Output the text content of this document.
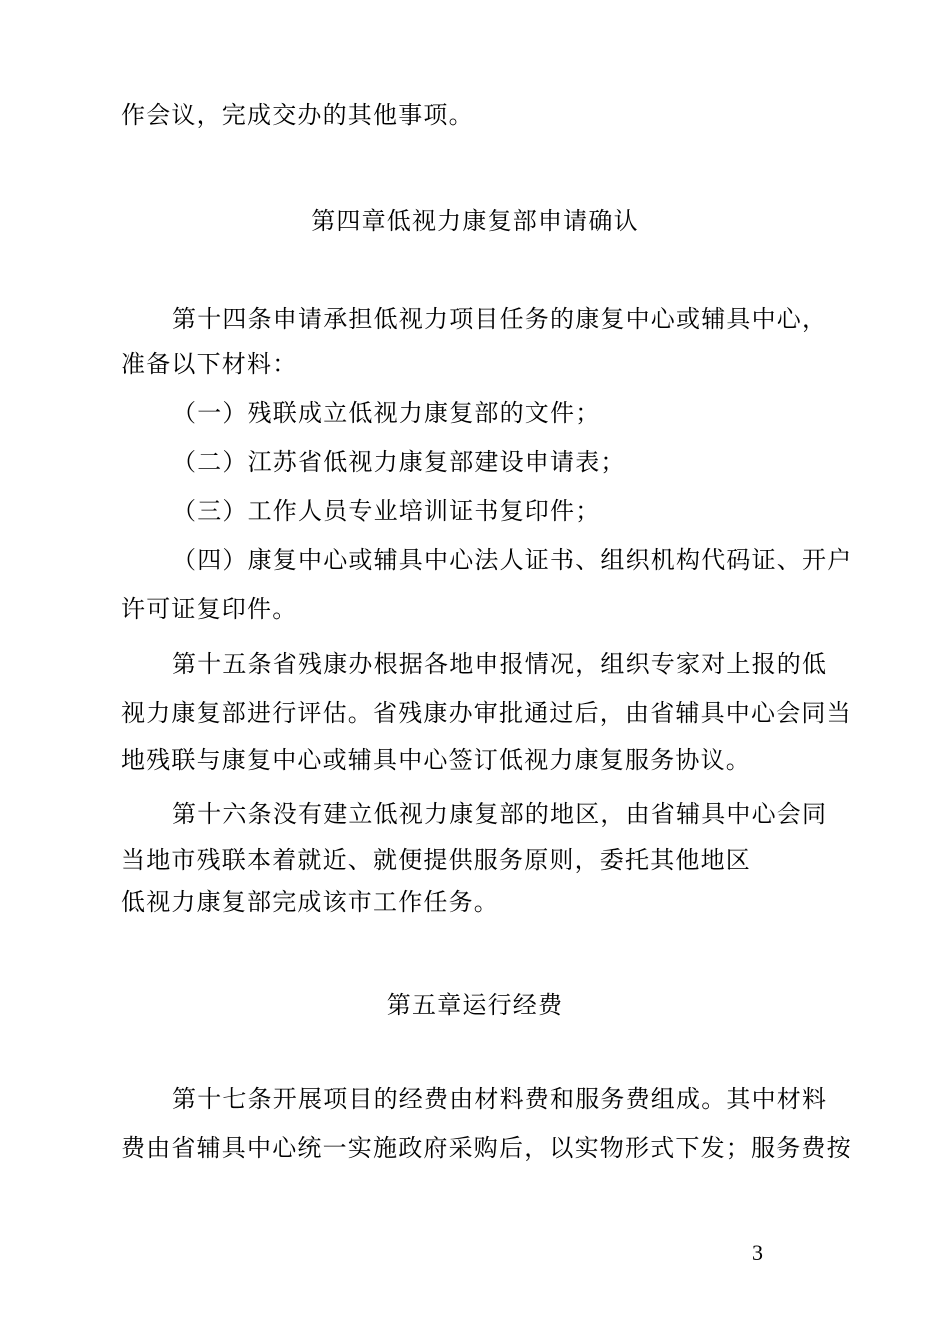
作会议，完成交办的其他事项。
第四章低视力康复部申请确认
第十四条申请承担低视力项目任务的康复中心或辅具中心，
准备以下材料：
（一）残联成立低视力康复部的文件；
（二）江苏省低视力康复部建设申请表；
（三）工作人员专业培训证书复印件；
（四）康复中心或辅具中心法人证书、组织机构代码证、开户
许可证复印件。
第十五条省残康办根据各地申报情况，组织专家对上报的低
视力康复部进行评估。省残康办审批通过后，由省辅具中心会同当
地残联与康复中心或辅具中心签订低视力康复服务协议。
第十六条没有建立低视力康复部的地区，由省辅具中心会同
当地市残联本着就近、就便提供服务原则，委托其他地区
低视力康复部完成该市工作任务。
第五章运行经费
第十七条开展项目的经费由材料费和服务费组成。其中材料
费由省辅具中心统一实施政府采购后，以实物形式下发；服务费按
3
